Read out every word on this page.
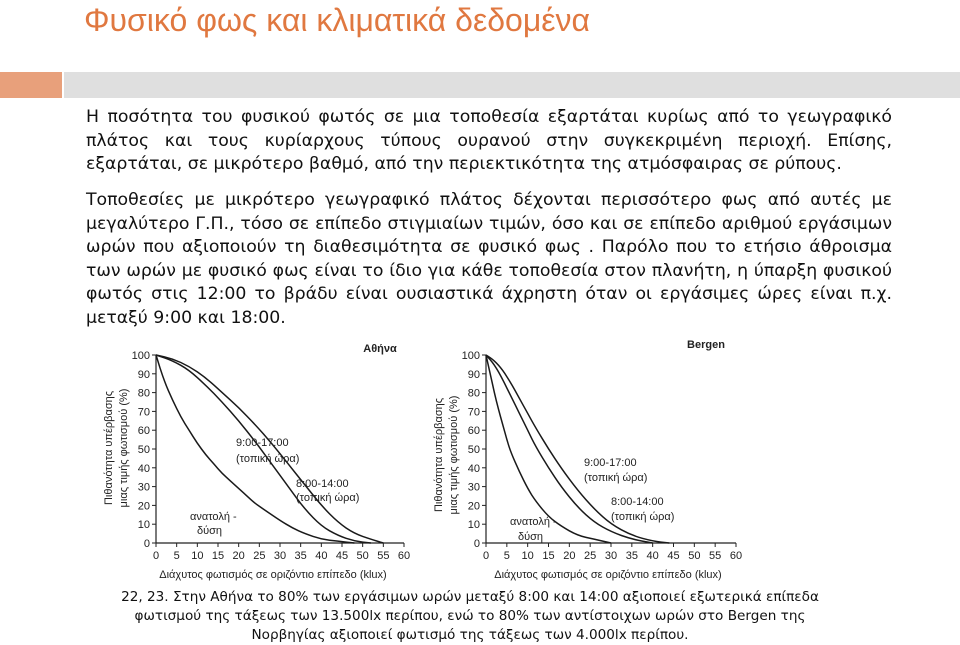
Φυσικό φως και κλιματικά δεδομένα

Η ποσότητα του φυσικού φωτός σε μια τοποθεσία εξαρτάται κυρίως από το γεωγραφικό πλάτος και τους κυρίαρχους τύπους ουρανού στην συγκεκριμένη περιοχή. Επίσης, εξαρτάται, σε μικρότερο βαθμό, από την περιεκτικότητα της ατμόσφαιρας σε ρύπους.

Τοποθεσίες με μικρότερο γεωγραφικό πλάτος δέχονται περισσότερο φως από αυτές με μεγαλύτερο Γ.Π., τόσο σε επίπεδο στιγμιαίων τιμών, όσο και σε επίπεδο αριθμού εργάσιμων ωρών που αξιοποιούν τη διαθεσιμότητα σε φυσικό φως . Παρόλο που το ετήσιο άθροισμα των ωρών με φυσικό φως είναι το ίδιο για κάθε τοποθεσία στον πλανήτη, η ύπαρξη φυσικού φωτός στις 12:00 το βράδυ είναι ουσιαστικά άχρηστη όταν οι εργάσιμες ώρες είναι π.χ. μεταξύ 9:00 και 18:00.

0
10
20
30
40
50
60
70
80
90
100
0 5 10 15 20 25 30 35 40 45 50 55 60
Αθήνα
Διάχυτος φωτισμός σε οριζόντιο επίπεδο (klux)
Πιθανότητα υπέρβασης μιας τιμής φωτισμού (%)	9:00-17:00
(τοπική ώρα)
8:00-14:00
(τοπική ώρα)
ανατολή -
δύση
0
10
20
30
40
50
60
70
80
90
100
0 5 10 15 20 25 30 35 40 45 50 55 60
Bergen
Διάχυτος φωτισμός σε οριζόντιο επίπεδο (klux)
Πιθανότητα υπέρβασης μιας τιμής φωτισμού (%)	9:00-17:00
(τοπική ώρα)
8:00-14:00
(τοπική ώρα)
ανατολή -
δύση
22, 23. Στην Αθήνα το 80% των εργάσιμων ωρών μεταξύ 8:00 και 14:00 αξιοποιεί εξωτερικά επίπεδα
φωτισμού της τάξεως των 13.500lx περίπου, ενώ το 80% των αντίστοιχων ωρών στο Bergen της
Νορβηγίας αξιοποιεί φωτισμό της τάξεως των 4.000lx περίπου.
